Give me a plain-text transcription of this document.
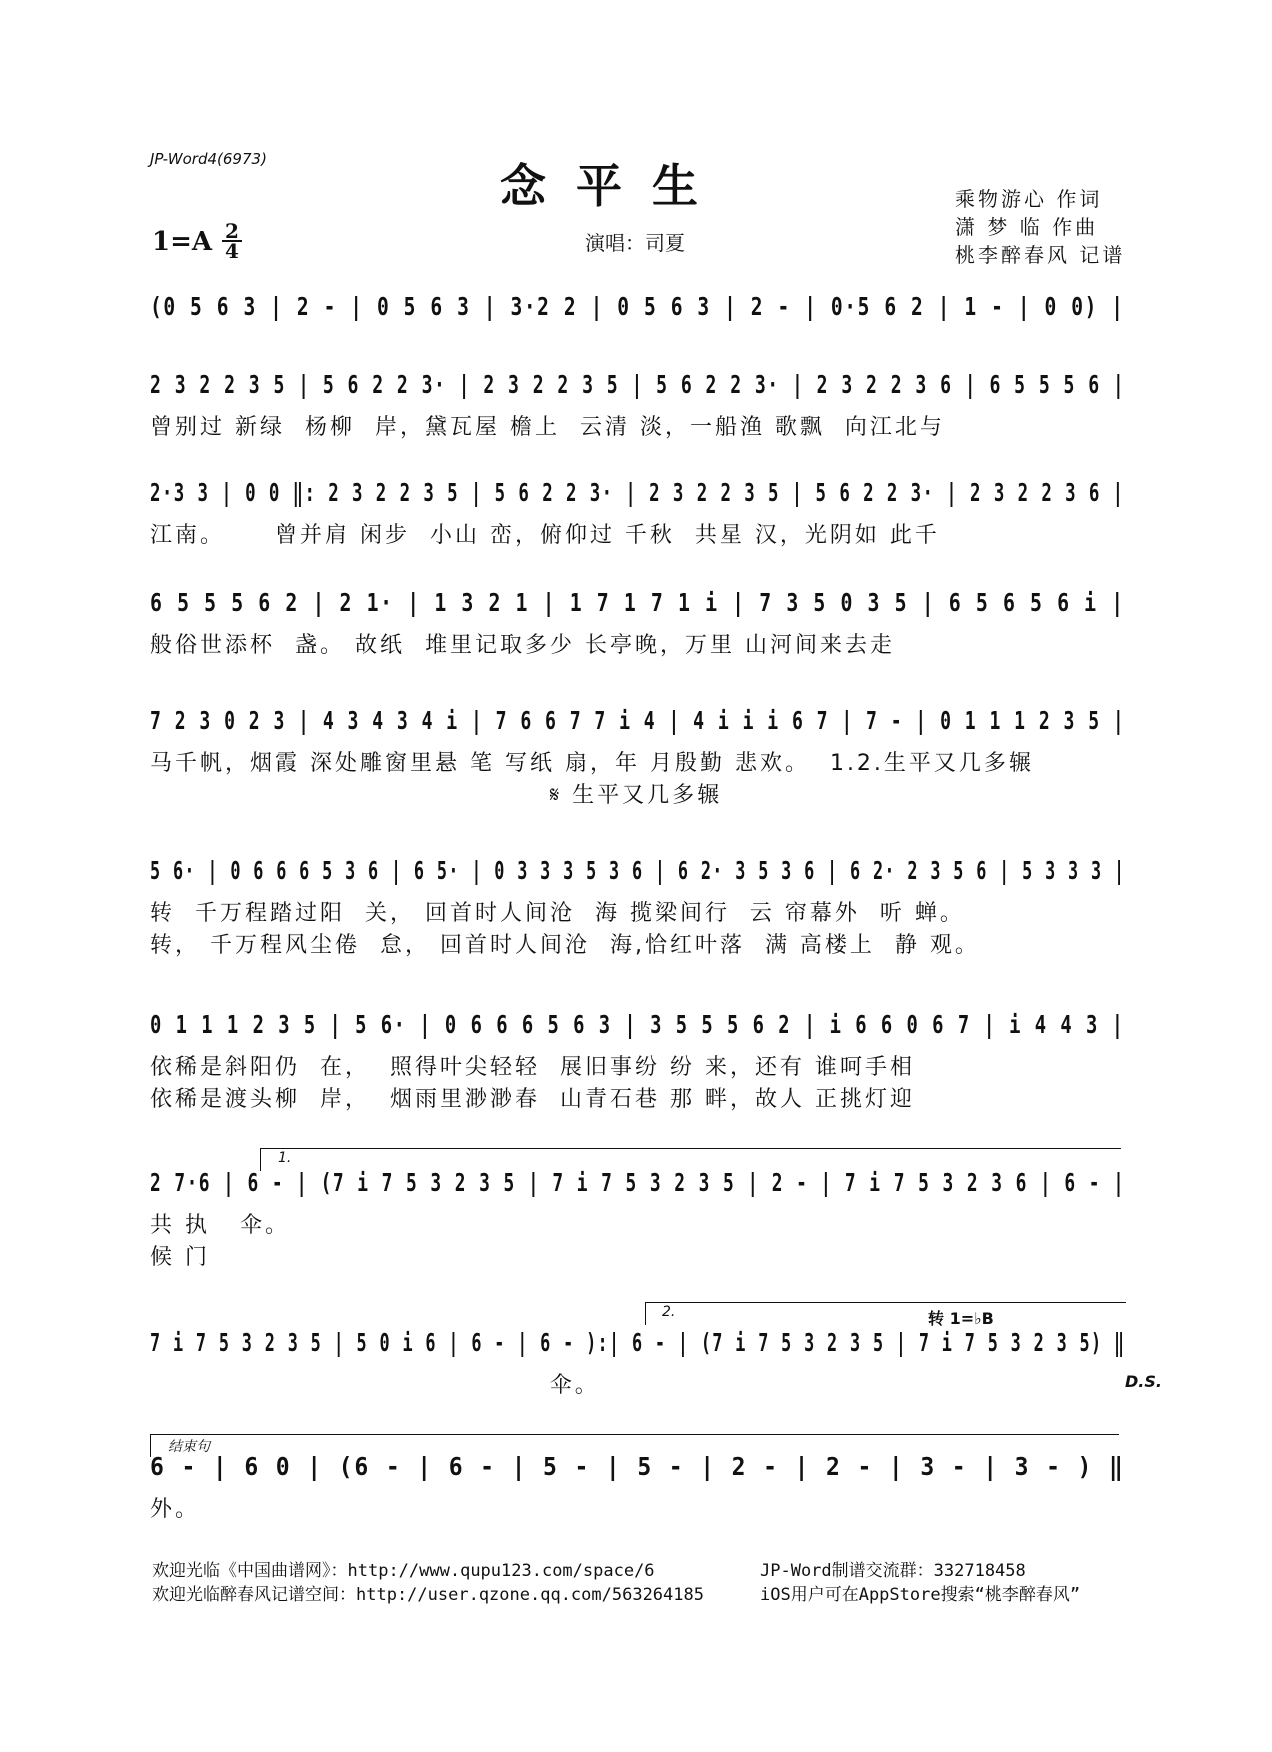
JP-Word4(6973)	念平生
$1=A \frac{2}{4}$	演唱：司夏
乘物游心 作词
潇 梦 临 作曲
桃李醉春风 记谱
(0 5 6 3 | 2 - | 0 5 6 3 | 3·2 2 | 0 5 6 3 | 2 - | 0·5 6 2 | 1 - | 0 0) |
2 3 2 2 3 5 | 5 6 2 2 3· | 2 3 2 2 3 5 | 5 6 2 2 3· | 2 3 2 2 3 6 | 6 5 5 5 6 |
曾别过 新绿  杨柳  岸，黛瓦屋 檐上  云清 淡，一船渔 歌飘  向江北与
2·3 3 | 0 0 ‖: 2 3 2 2 3 5 | 5 6 2 2 3· | 2 3 2 2 3 5 | 5 6 2 2 3· | 2 3 2 2 3 6 |
江南。     曾并肩 闲步  小山 峦，俯仰过 千秋  共星 汉，光阴如 此千
6 5 5 5 6 2 | 2 1· | 1 3 2 1 | 1 7 1 7 1 i | 7 3 5 0 3 5 | 6 5 6 5 6 i |
般俗世添杯  盏。 故纸  堆里记取多少 长亭晚，万里 山河间来去走
7 2 3 0 2 3 | 4 3 4 3 4 i | 7 6 6 7 7 i 4 | 4 i i i 6 7 | 7 - | 0 1 1 1 2 3 5 |
马千帆，烟霞 深处雕窗里悬 笔 写纸 扇，年 月殷勤 悲欢。  1.2.生平又几多辗
𝄋 生平又几多辗
5 6· | 0 6 6 6 5 3 6 | 6 5· | 0 3 3 3 5 3 6 | 6 2· 3 5 3 6 | 6 2· 2 3 5 6 | 5 3 3 3 |
转  千万程踏过阳  关， 回首时人间沧  海 揽梁间行  云 帘幕外  听 蝉。
转， 千万程风尘倦  怠， 回首时人间沧  海,恰红叶落  满 高楼上  静 观。
0 1 1 1 2 3 5 | 5 6· | 0 6 6 6 5 6 3 | 3 5 5 5 6 2 | i 6 6 0 6 7 | i 4 4 3 |
依稀是斜阳仍  在，  照得叶尖轻轻  展旧事纷 纷 来，还有 谁呵手相
依稀是渡头柳  岸，  烟雨里渺渺春  山青石巷 那 畔，故人 正挑灯迎
1.
2 7·6 | 6 - | (7 i 7 5 3 2 3 5 | 7 i 7 5 3 2 3 5 | 2 - | 7 i 7 5 3 2 3 6 | 6 - |
共 执   伞。
候 门
2.	转 1=♭B
7 i 7 5 3 2 3 5 | 5 0 i 6 | 6 - | 6 - ):| 6 - | (7 i 7 5 3 2 3 5 | 7 i 7 5 3 2 3 5) ‖
伞。	D.S.
结束句
6 - | 6 0 | (6 - | 6 - | 5 - | 5 - | 2 - | 2 - | 3 - | 3 - ) ‖
外。
欢迎光临《中国曲谱网》：http://www.qupu123.com/space/6
欢迎光临醉春风记谱空间：http://user.qzone.qq.com/563264185
JP-Word制谱交流群：332718458
iOS用户可在AppStore搜索“桃李醉春风”
